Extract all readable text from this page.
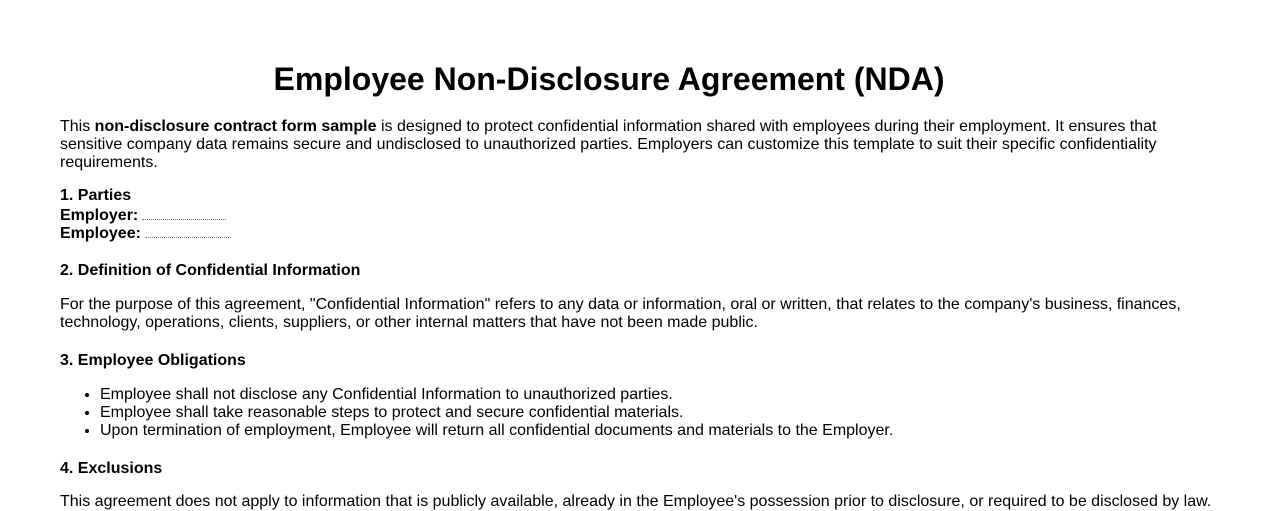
Employee Non-Disclosure Agreement (NDA)

This non-disclosure contract form sample is designed to protect confidential information shared with employees during their employment. It ensures that sensitive company data remains secure and undisclosed to unauthorized parties. Employers can customize this template to suit their specific confidentiality requirements.

1. Parties
Employer:
Employee:
2. Definition of Confidential Information

For the purpose of this agreement, "Confidential Information" refers to any data or information, oral or written, that relates to the company's business, finances, technology, operations, clients, suppliers, or other internal matters that have not been made public.

3. Employee Obligations
• Employee shall not disclose any Confidential Information to unauthorized parties.
• Employee shall take reasonable steps to protect and secure confidential materials.
• Upon termination of employment, Employee will return all confidential documents and materials to the Employer.
4. Exclusions

This agreement does not apply to information that is publicly available, already in the Employee's possession prior to disclosure, or required to be disclosed by law.
